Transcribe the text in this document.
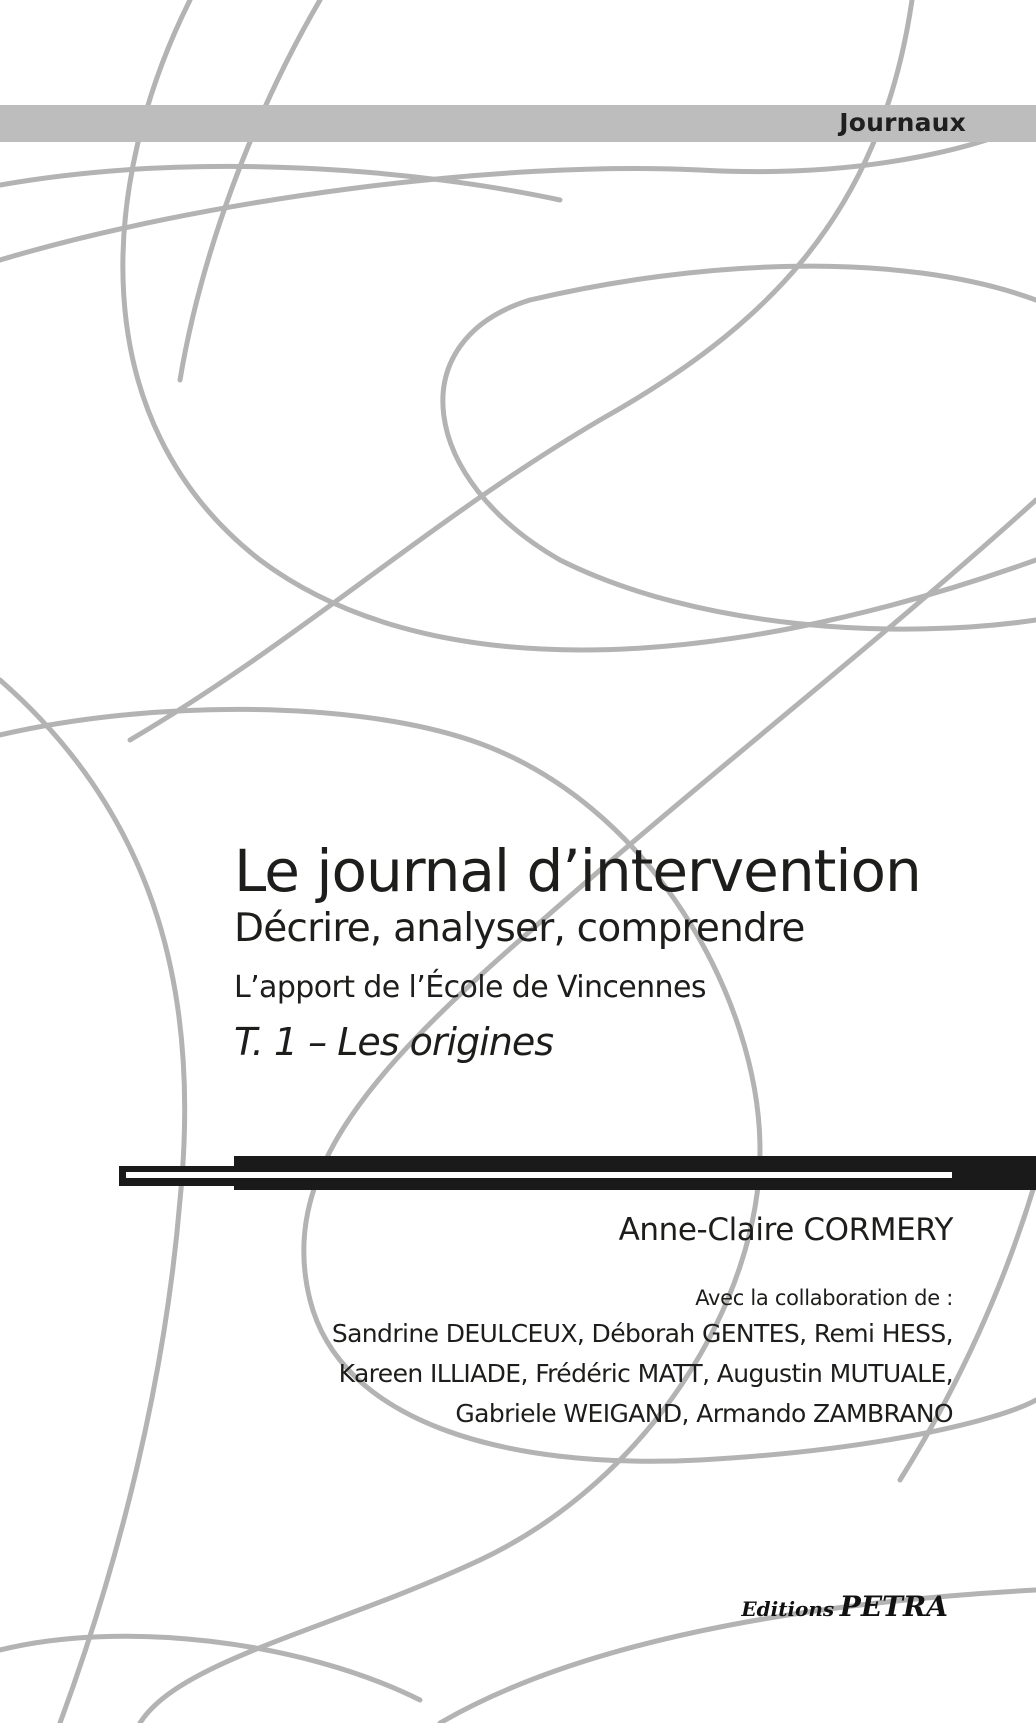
Journaux
Le journal d’intervention
Décrire, analyser, comprendre
L’apport de l’École de Vincennes
T. 1 – Les origines
Anne-Claire CORMERY
Avec la collaboration de :
Sandrine DEULCEUX, Déborah GENTES, Remi HESS,
Kareen ILLIADE, Frédéric MATT, Augustin MUTUALE,
Gabriele WEIGAND, Armando ZAMBRANO
Editions PETRA
